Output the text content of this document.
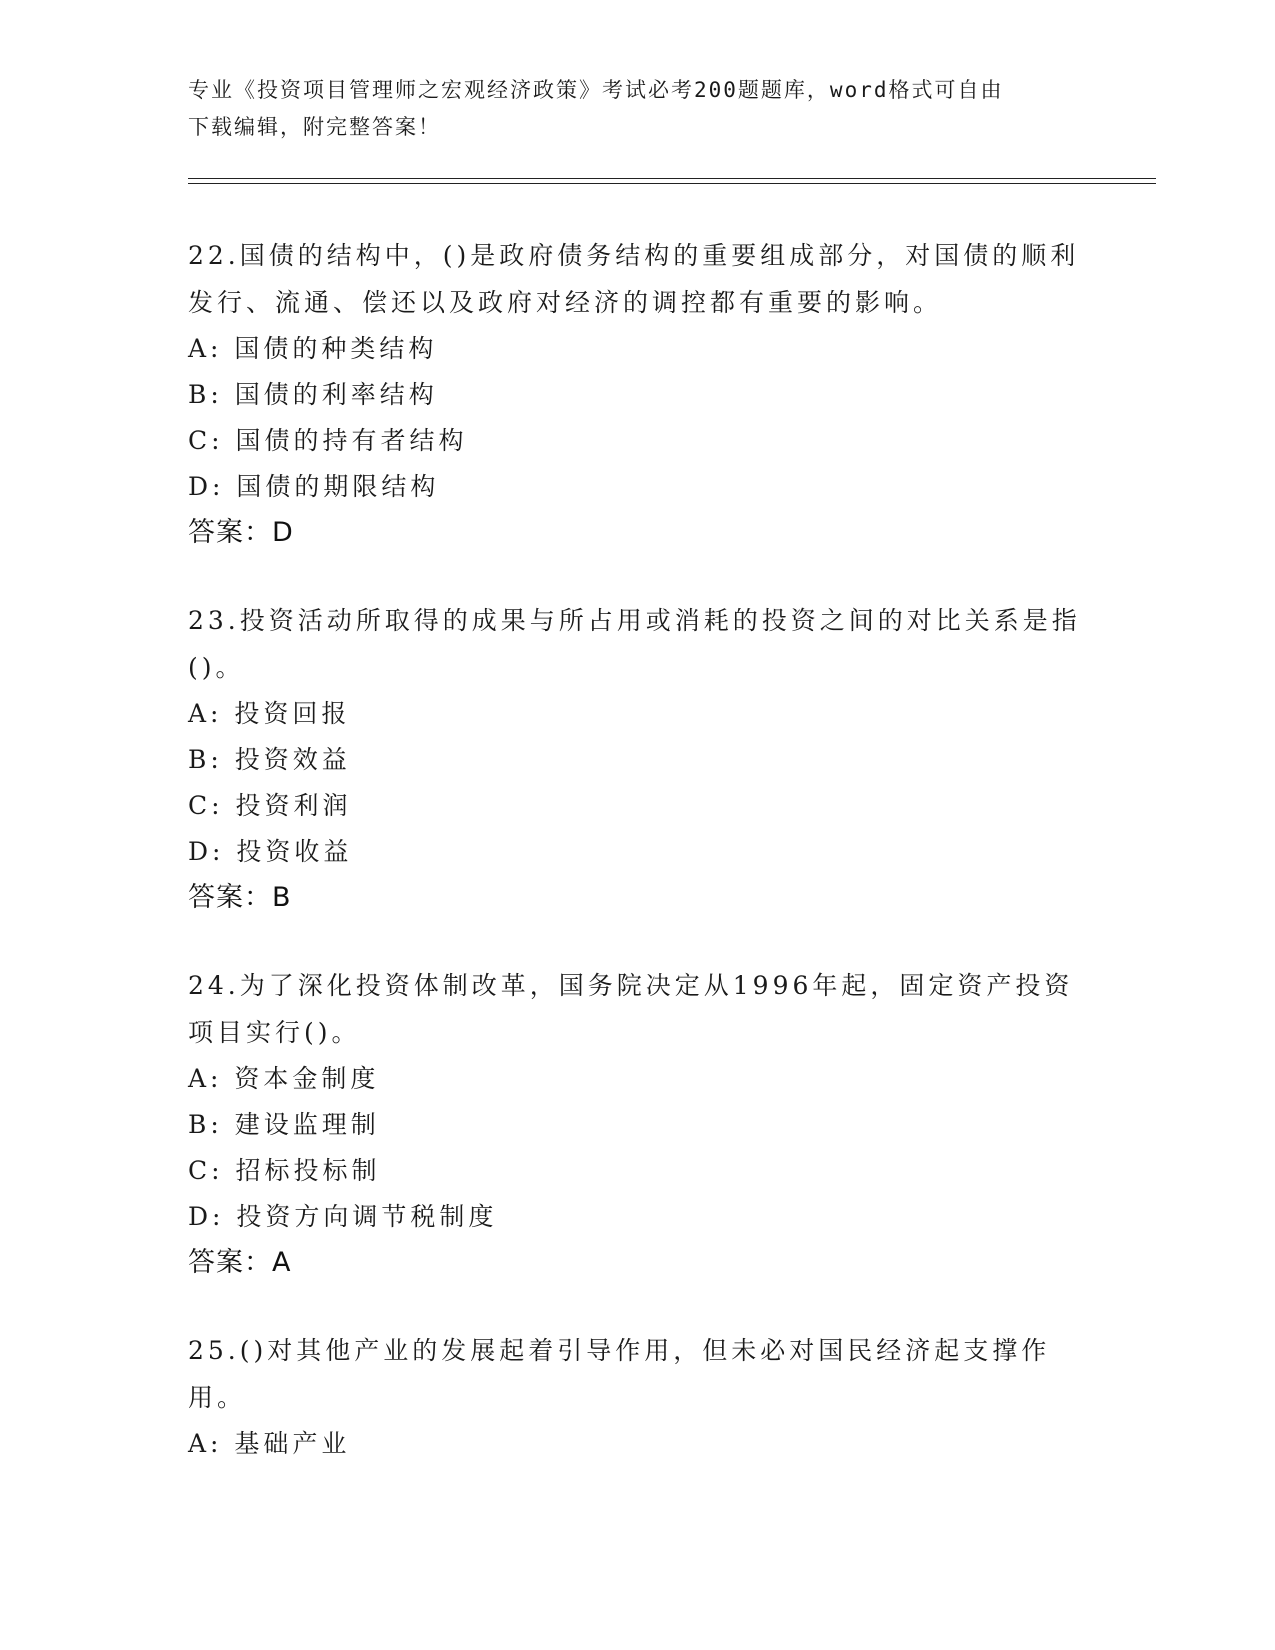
专业《投资项目管理师之宏观经济政策》考试必考200题题库，word格式可自由
下载编辑，附完整答案！
22.国债的结构中，()是政府债务结构的重要组成部分，对国债的顺利发行、流通、偿还以及政府对经济的调控都有重要的影响。
A: 国债的种类结构
B: 国债的利率结构
C: 国债的持有者结构
D: 国债的期限结构
答案：D
23.投资活动所取得的成果与所占用或消耗的投资之间的对比关系是指()。
A: 投资回报
B: 投资效益
C: 投资利润
D: 投资收益
答案：B
24.为了深化投资体制改革，国务院决定从1996年起，固定资产投资项目实行()。
A: 资本金制度
B: 建设监理制
C: 招标投标制
D: 投资方向调节税制度
答案：A
25.()对其他产业的发展起着引导作用，但未必对国民经济起支撑作用。
A: 基础产业
